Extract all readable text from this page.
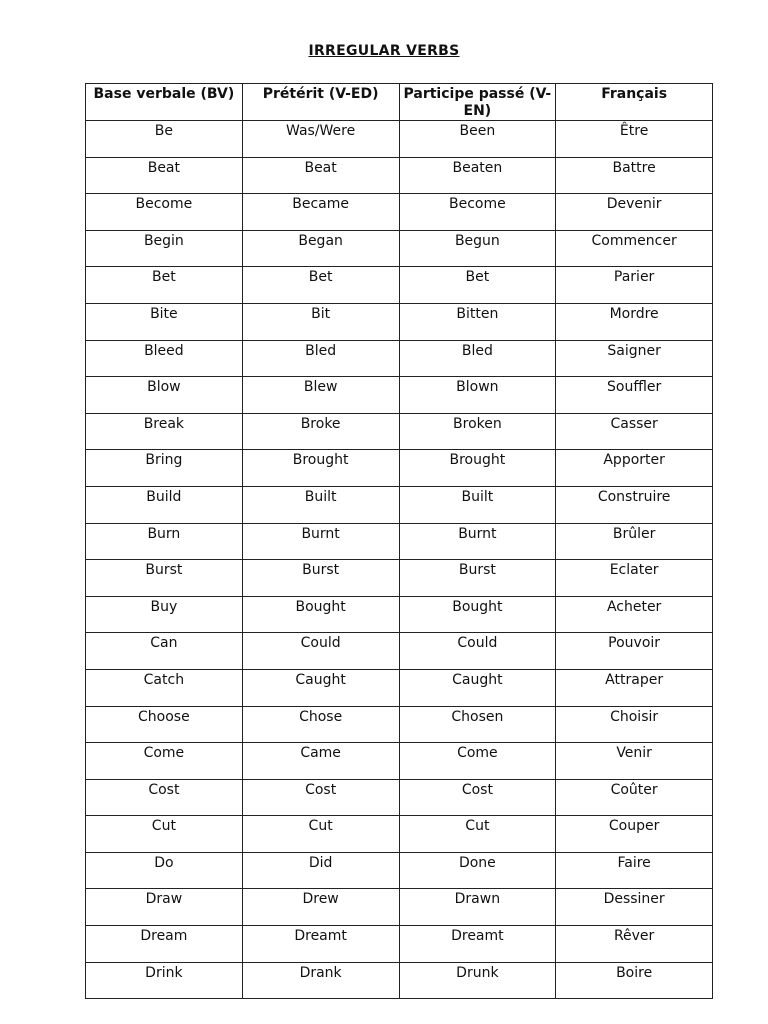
IRREGULAR VERBS
Base verbale (BV)	Prétérit (V-ED)	Participe passé (V-EN)	Français
Be	Was/Were	Been	Être
Beat	Beat	Beaten	Battre
Become	Became	Become	Devenir
Begin	Began	Begun	Commencer
Bet	Bet	Bet	Parier
Bite	Bit	Bitten	Mordre
Bleed	Bled	Bled	Saigner
Blow	Blew	Blown	Souffler
Break	Broke	Broken	Casser
Bring	Brought	Brought	Apporter
Build	Built	Built	Construire
Burn	Burnt	Burnt	Brûler
Burst	Burst	Burst	Eclater
Buy	Bought	Bought	Acheter
Can	Could	Could	Pouvoir
Catch	Caught	Caught	Attraper
Choose	Chose	Chosen	Choisir
Come	Came	Come	Venir
Cost	Cost	Cost	Coûter
Cut	Cut	Cut	Couper
Do	Did	Done	Faire
Draw	Drew	Drawn	Dessiner
Dream	Dreamt	Dreamt	Rêver
Drink	Drank	Drunk	Boire
